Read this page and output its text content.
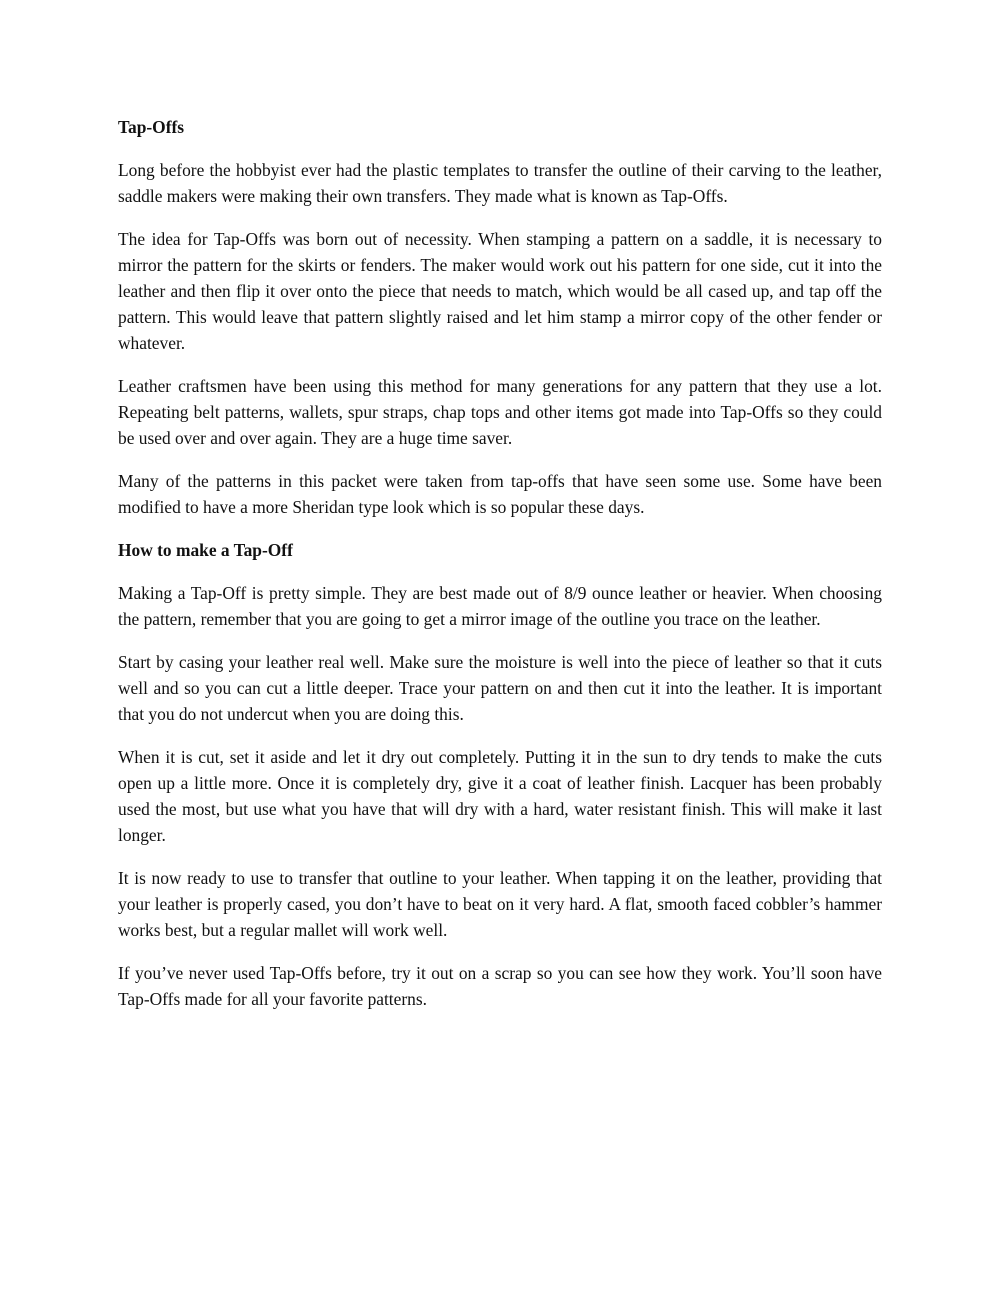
Tap-Offs

Long before the hobbyist ever had the plastic templates to transfer the outline of their carving to the leather, saddle makers were making their own transfers. They made what is known as Tap-Offs.

The idea for Tap-Offs was born out of necessity. When stamping a pattern on a saddle, it is necessary to mirror the pattern for the skirts or fenders. The maker would work out his pattern for one side, cut it into the leather and then flip it over onto the piece that needs to match, which would be all cased up, and tap off the pattern. This would leave that pattern slightly raised and let him stamp a mirror copy of the other fender or whatever.

Leather craftsmen have been using this method for many generations for any pattern that they use a lot. Repeating belt patterns, wallets, spur straps, chap tops and other items got made into Tap-Offs so they could be used over and over again. They are a huge time saver.

Many of the patterns in this packet were taken from tap-offs that have seen some use. Some have been modified to have a more Sheridan type look which is so popular these days.

How to make a Tap-Off

Making a Tap-Off is pretty simple. They are best made out of 8/9 ounce leather or heavier. When choosing the pattern, remember that you are going to get a mirror image of the outline you trace on the leather.

Start by casing your leather real well. Make sure the moisture is well into the piece of leather so that it cuts well and so you can cut a little deeper. Trace your pattern on and then cut it into the leather. It is important that you do not undercut when you are doing this.

When it is cut, set it aside and let it dry out completely. Putting it in the sun to dry tends to make the cuts open up a little more. Once it is completely dry, give it a coat of leather finish. Lacquer has been probably used the most, but use what you have that will dry with a hard, water resistant finish. This will make it last longer.

It is now ready to use to transfer that outline to your leather. When tapping it on the leather, providing that your leather is properly cased, you don’t have to beat on it very hard. A flat, smooth faced cobbler’s hammer works best, but a regular mallet will work well.

If you’ve never used Tap-Offs before, try it out on a scrap so you can see how they work. You’ll soon have Tap-Offs made for all your favorite patterns.
